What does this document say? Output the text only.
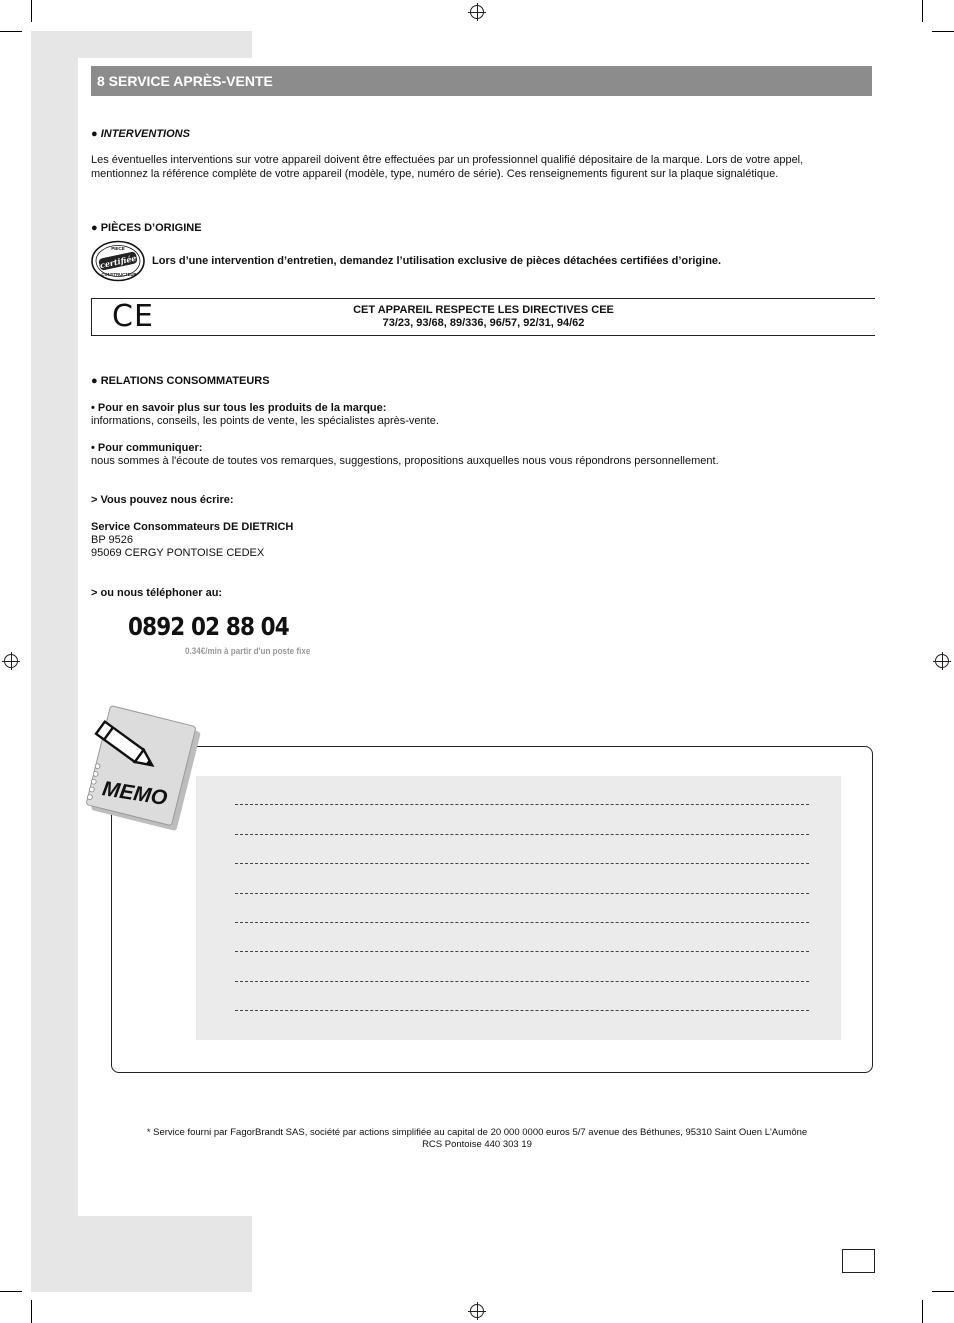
8 SERVICE APRÈS-VENTE
● INTERVENTIONS
Les éventuelles interventions sur votre appareil doivent être effectuées par un professionnel qualifié dépositaire de la marque. Lors de votre appel,
mentionnez la référence complète de votre appareil (modèle, type, numéro de série). Ces renseignements figurent sur la plaque signalétique.
● PIÈCES D’ORIGINE
certifiée
PIECE
CONSTRUCTEUR
Lors d’une intervention d’entretien, demandez l’utilisation exclusive de pièces détachées certifiées d’origine.
CE	CET APPAREIL RESPECTE LES DIRECTIVES CEE
73/23, 93/68, 89/336, 96/57, 92/31, 94/62
● RELATIONS CONSOMMATEURS
• Pour en savoir plus sur tous les produits de la marque:
informations, conseils, les points de vente, les spécialistes après-vente.
• Pour communiquer:
nous sommes à l'écoute de toutes vos remarques, suggestions, propositions auxquelles nous vous répondrons personnellement.
> Vous pouvez nous écrire:
Service Consommateurs DE DIETRICH
BP 9526
95069 CERGY PONTOISE CEDEX
> ou nous téléphoner au:
0892 02 88 04
0.34€/min à partir d'un poste fixe
MEMO
* Service fourni par FagorBrandt SAS, société par actions simplifiée au capital de 20 000 0000 euros 5/7 avenue des Béthunes, 95310 Saint Ouen L'Aumône
RCS Pontoise 440 303 19
